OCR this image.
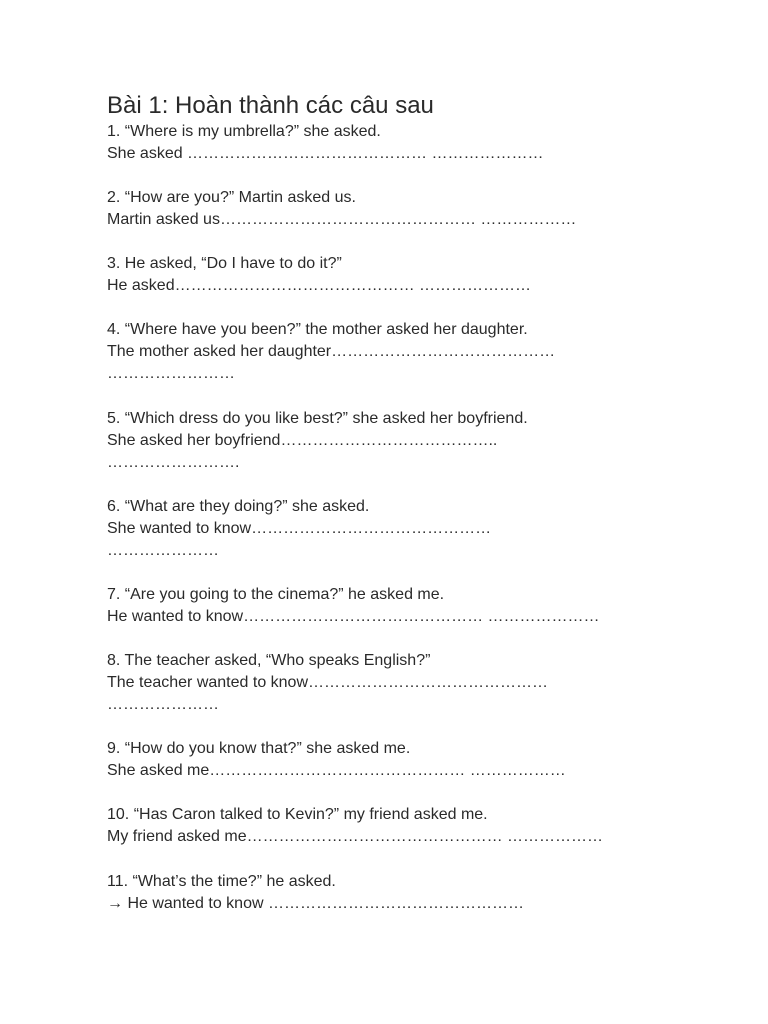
Bài 1: Hoàn thành các câu sau
1. “Where is my umbrella?” she asked.
She asked ……………………………………… …………………
2. “How are you?” Martin asked us.
Martin asked us………………………………………… ………………
3. He asked, “Do I have to do it?”
He asked……………………………………… …………………
4. “Where have you been?” the mother asked her daughter.
The mother asked her daughter……………………………………
……………………
5. “Which dress do you like best?” she asked her boyfriend.
She asked her boyfriend…………………………………..
…………………….
6. “What are they doing?” she asked.
She wanted to know………………………………………
…………………
7. “Are you going to the cinema?” he asked me.
He wanted to know……………………………………… …………………
8. The teacher asked, “Who speaks English?”
The teacher wanted to know………………………………………
…………………
9. “How do you know that?” she asked me.
She asked me………………………………………… ………………
10. “Has Caron talked to Kevin?” my friend asked me.
My friend asked me………………………………………… ………………
11. “What’s the time?” he asked.
→ He wanted to know …………………………………………
